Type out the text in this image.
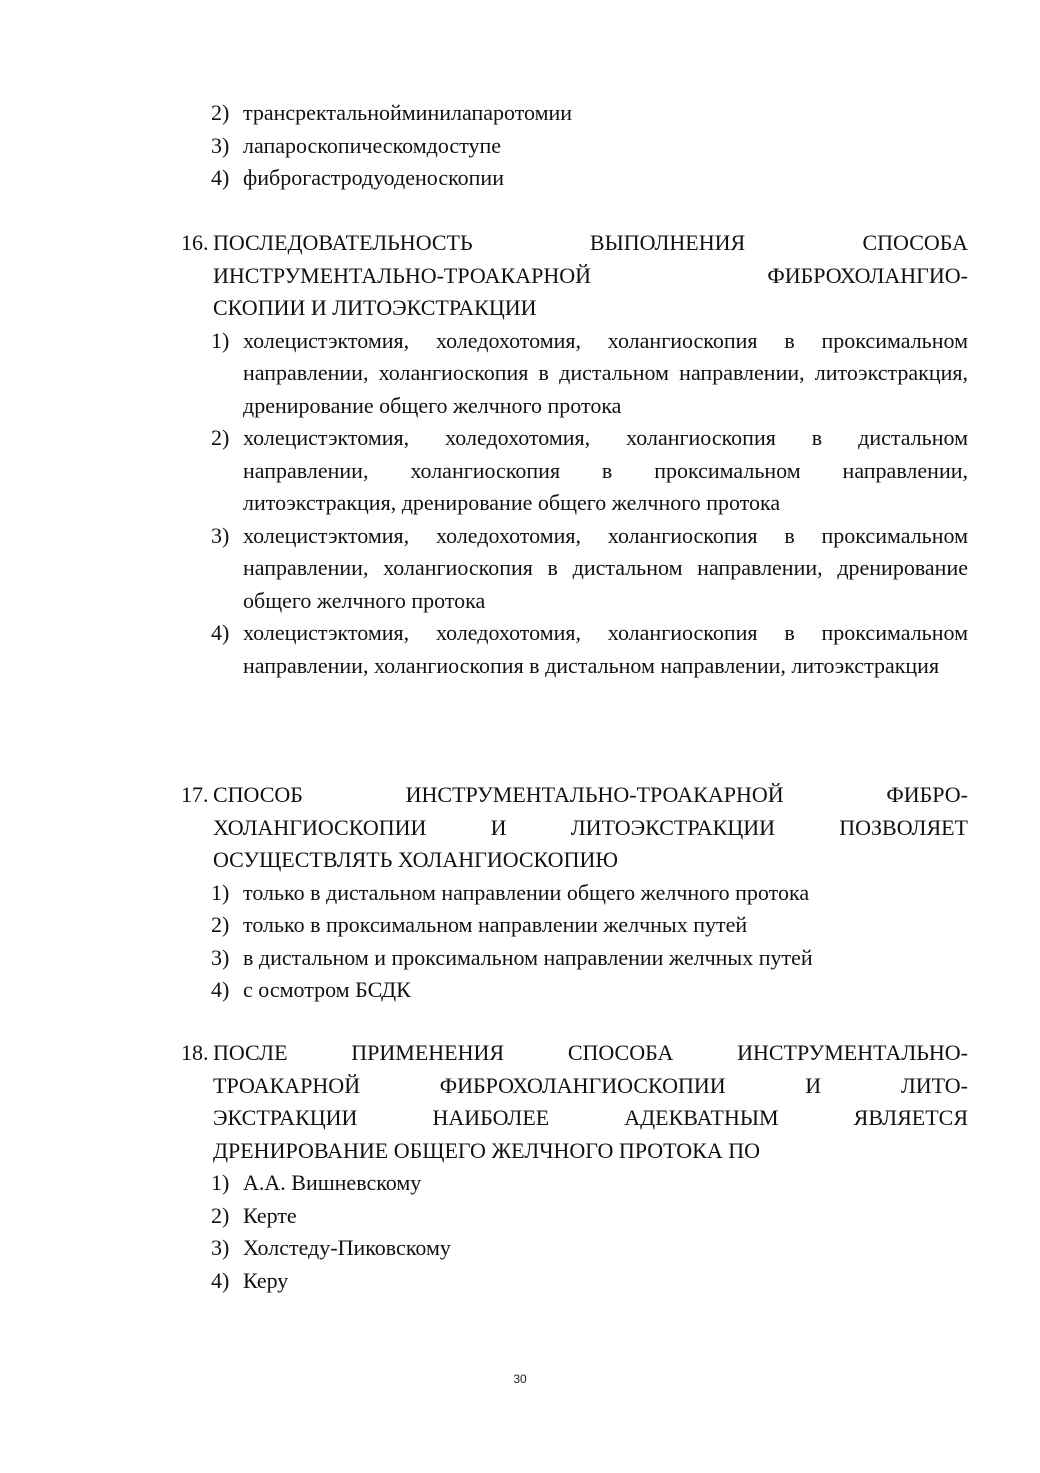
2) трансректальнойминилапаротомии
3) лапароскопическомдоступе
4) фиброгастродуоденоскопии
16. ПОСЛЕДОВАТЕЛЬНОСТЬ ВЫПОЛНЕНИЯ СПОСОБА
ИНСТРУМЕНТАЛЬНО-ТРОАКАРНОЙ ФИБРОХОЛАНГИО-
СКОПИИ И ЛИТОЭКСТРАКЦИИ
1) холецистэктомия, холедохотомия, холангиоскопия в проксимальном направлении, холангиоскопия в дистальном направлении, литоэкстракция, дренирование общего желчного протока
2) холецистэктомия, холедохотомия, холангиоскопия в дистальном направлении, холангиоскопия в проксимальном направлении, литоэкстракция, дренирование общего желчного протока
3) холецистэктомия, холедохотомия, холангиоскопия в проксимальном направлении, холангиоскопия в дистальном направлении, дренирование общего желчного протока
4) холецистэктомия, холедохотомия, холангиоскопия в проксимальном направлении, холангиоскопия в дистальном направлении, литоэкстракция
17. СПОСОБ ИНСТРУМЕНТАЛЬНО-ТРОАКАРНОЙ ФИБРО-
ХОЛАНГИОСКОПИИ И ЛИТОЭКСТРАКЦИИ ПОЗВОЛЯЕТ
ОСУЩЕСТВЛЯТЬ ХОЛАНГИОСКОПИЮ
1) только в дистальном направлении общего желчного протока
2) только в проксимальном направлении желчных путей
3) в дистальном и проксимальном направлении желчных путей
4) с осмотром БСДК
18. ПОСЛЕ ПРИМЕНЕНИЯ СПОСОБА ИНСТРУМЕНТАЛЬНО-
ТРОАКАРНОЙ ФИБРОХОЛАНГИОСКОПИИ И ЛИТО-
ЭКСТРАКЦИИ НАИБОЛЕЕ АДЕКВАТНЫМ ЯВЛЯЕТСЯ
ДРЕНИРОВАНИЕ ОБЩЕГО ЖЕЛЧНОГО ПРОТОКА ПО
1) А.А. Вишневскому
2) Керте
3) Холстеду-Пиковскому
4) Керу
30
